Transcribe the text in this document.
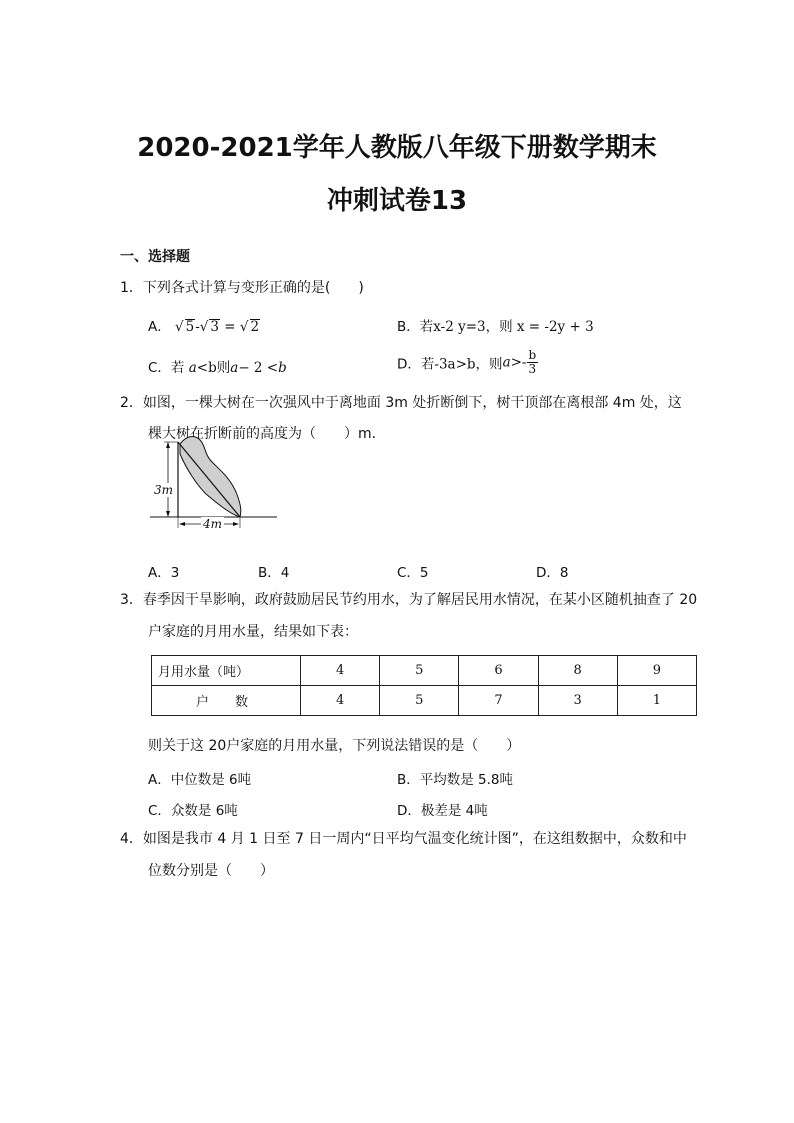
2020-2021学年人教版八年级下册数学期末
冲刺试卷13
一、选择题
1．下列各式计算与变形正确的是(　　)
A． √ 5-√ 3 = √ 2	B．若x-2 y=3，则 x = -2y + 3
C．若 a<b则a− 2 <b	D．若-3a>b，则$a>- \frac{b}{3}$
2．如图，一棵大树在一次强风中于离地面 3m 处折断倒下，树干顶部在离根部 4m 处，这
棵大树在折断前的高度为（　　）m．
3m
4m
A．3	B．4	C．5	D．8
3．春季因干旱影响，政府鼓励居民节约用水，为了解居民用水情况，在某小区随机抽查了 20
户家庭的月用水量，结果如下表：
月用水量（吨）	4	5	6	8	9
户　　数	4	5	7	3	1
则关于这 20户家庭的月用水量，下列说法错误的是（　　）
A．中位数是 6吨	B．平均数是 5.8吨
C．众数是 6吨	D．极差是 4吨
4．如图是我市 4 月 1 日至 7 日一周内“日平均气温变化统计图”，在这组数据中，众数和中
位数分别是（　　）
